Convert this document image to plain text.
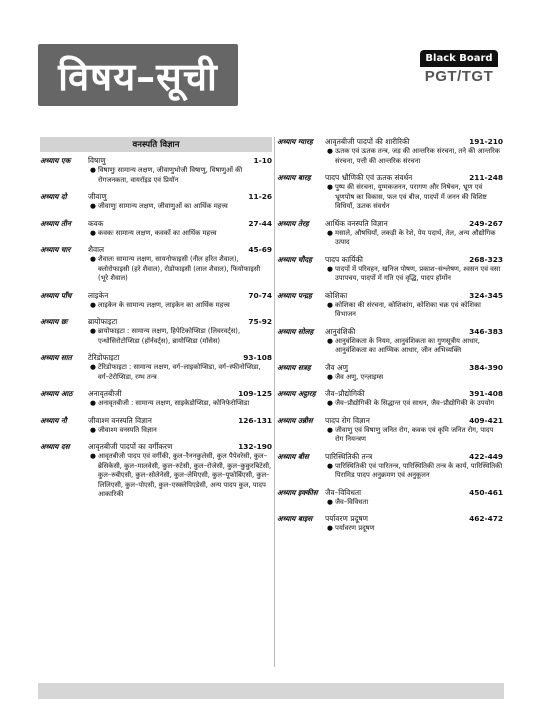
विषय–सूची	Black Board
PGT/TGT
वनस्पति विज्ञान
अध्याय एक	विषाणु	1-10
● विषाणुः सामान्य लक्षण, जीवाणुभोजी विषाणु, विषाणुओं की रोगजनकता, वायरॉइड एवं प्रियॉन
अध्याय दो	जीवाणु	11-26
● जीवाणुः सामान्य लक्षण, जीवाणुओं का आर्थिक महत्त्व
अध्याय तीन	कवक	27-44
● कवकः सामान्य लक्षण, कवकों का आर्थिक महत्त्व
अध्याय चार	शैवाल	45-69
● शैवालः सामान्य लक्षण, सायनोफाइसी (नील हरित शैवाल), क्लोरोफाइसी (हरे शैवाल), रोडोफाइसी (लाल शैवाल), फियोफाइसी (भूरे शैवाल)
अध्याय पाँच	लाइकेन	70-74
● लाइकेन के सामान्य लक्षण, लाइकेन का आर्थिक महत्त्व
अध्याय छः	ब्रायोफाइटा	75-92
● ब्रायोफाइटा : सामान्य लक्षण, हिपेटिकोप्सिडा (लिवरवर्ट्स), एन्थोसिरोटोप्सिडा (हॉर्नवर्ट्स), ब्रायोप्सिडा (मॉसेस)
अध्याय सात	टेरिडोफाइटा	93-108
● टेरिडोफाइटा : सामान्य लक्षण, वर्ग–लाइकोप्सिडा, वर्ग–स्फीनोप्सिडा, वर्ग–टेरोप्सिडा, रम्भ तन्त्र
अध्याय आठ	अनावृतबीजी	109-125
● अनावृतबीजी : सामान्य लक्षण, साइकेडोप्सिडा, कोनिफेरोप्सिडा
अध्याय नौ	जीवाश्म वनस्पति विज्ञान	126-131
● जीवाश्म वनस्पति विज्ञान
अध्याय दस	आवृतबीजी पादपों का वर्गीकरण	132-190
● आवृतबीजी पादप एवं वर्गीकी, कुल–रैननकुलेसी, कुल पैपेवरेसी, कुल–ब्रेसिकेसी, कुल–मालवेसी, कुल–रुटेसी, कुल–रोजेसी, कुल–कुकुरबिटेसी, कुल–रुबीएसी, कुल–सोलेनेसी, कुल–लेमिएसी, कुल–यूफोर्बिएसी, कुल–लिलिएसी, कुल–पोएसी, कुल–एस्क्लेपिएडेसी, अन्य पादप कुल, पादप आकारिकी
अध्याय ग्यारह	आवृतबीजी पादपों की शारीरिकी	191-210
● ऊतक एवं ऊतक तन्त्र, जड़ की आन्तरिक संरचना, तने की आन्तरिक संरचना, पत्ती की आन्तरिक संरचना
अध्याय बारह	पादप भ्रौणिकी एवं ऊतक संवर्धन	211-248
● पुष्प की संरचना, युग्मकजनन, परागण और निषेचन, भ्रूण एवं भ्रूणपोष का विकास, फल एवं बीज, पादपों में जनन की विशिष्ट विधियाँ, ऊतक संवर्धन
अध्याय तेरह	आर्थिक वनस्पति विज्ञान	249-267
● मसाले, औषधियाँ, लकड़ी के रेशे, पेय पदार्थ, तेल, अन्य औद्योगिक उत्पाद
अध्याय चौदह	पादप कार्यिकी	268-323
● पादपों में परिवहन, खनिज पोषण, प्रकाश–संश्लेषण, श्वसन एवं वसा उपापचय, पादपों में गति एवं वृद्धि, पादप हॉर्मोन
अध्याय पन्द्रह	कोशिका	324-345
● कोशिका की संरचना, कोशिकांग, कोशिका चक्र एवं कोशिका विभाजन
अध्याय सोलह	आनुवंशिकी	346-383
● आनुवंशिकता के नियम, आनुवंशिकता का गुणसूत्रीय आधार, आनुवंशिकता का आण्विक आधार, जीन अभिव्यक्ति
अध्याय सत्रह	जैव अणु	384-390
● जैव अणु, एन्ज़ाइम्स
अध्याय अट्ठारह	जैव–प्रौद्योगिकी	391-408
● जैव–प्रौद्योगिकी के सिद्धान्त एवं साधन, जैव–प्रौद्योगिकी के उपयोग
अध्याय उन्नीस	पादप रोग विज्ञान	409-421
● जीवाणु एवं विषाणु जनित रोग, कवक एवं कृमि जनित रोग, पादप रोग नियन्त्रण
अध्याय बीस	पारिस्थितिकी तन्त्र	422-449
● पारिस्थितिकी एवं पारितन्त्र, पारिस्थितिकी तन्त्र के कार्य, पारिस्थितिकी पिरामिड पादप अनुक्रमण एवं अनुकूलन
अध्याय इक्कीस	जैव–विविधता	450-461
● जैव–विविधता
अध्याय बाइस	पर्यावरण प्रदूषण	462-472
● पर्यावरण प्रदूषण
